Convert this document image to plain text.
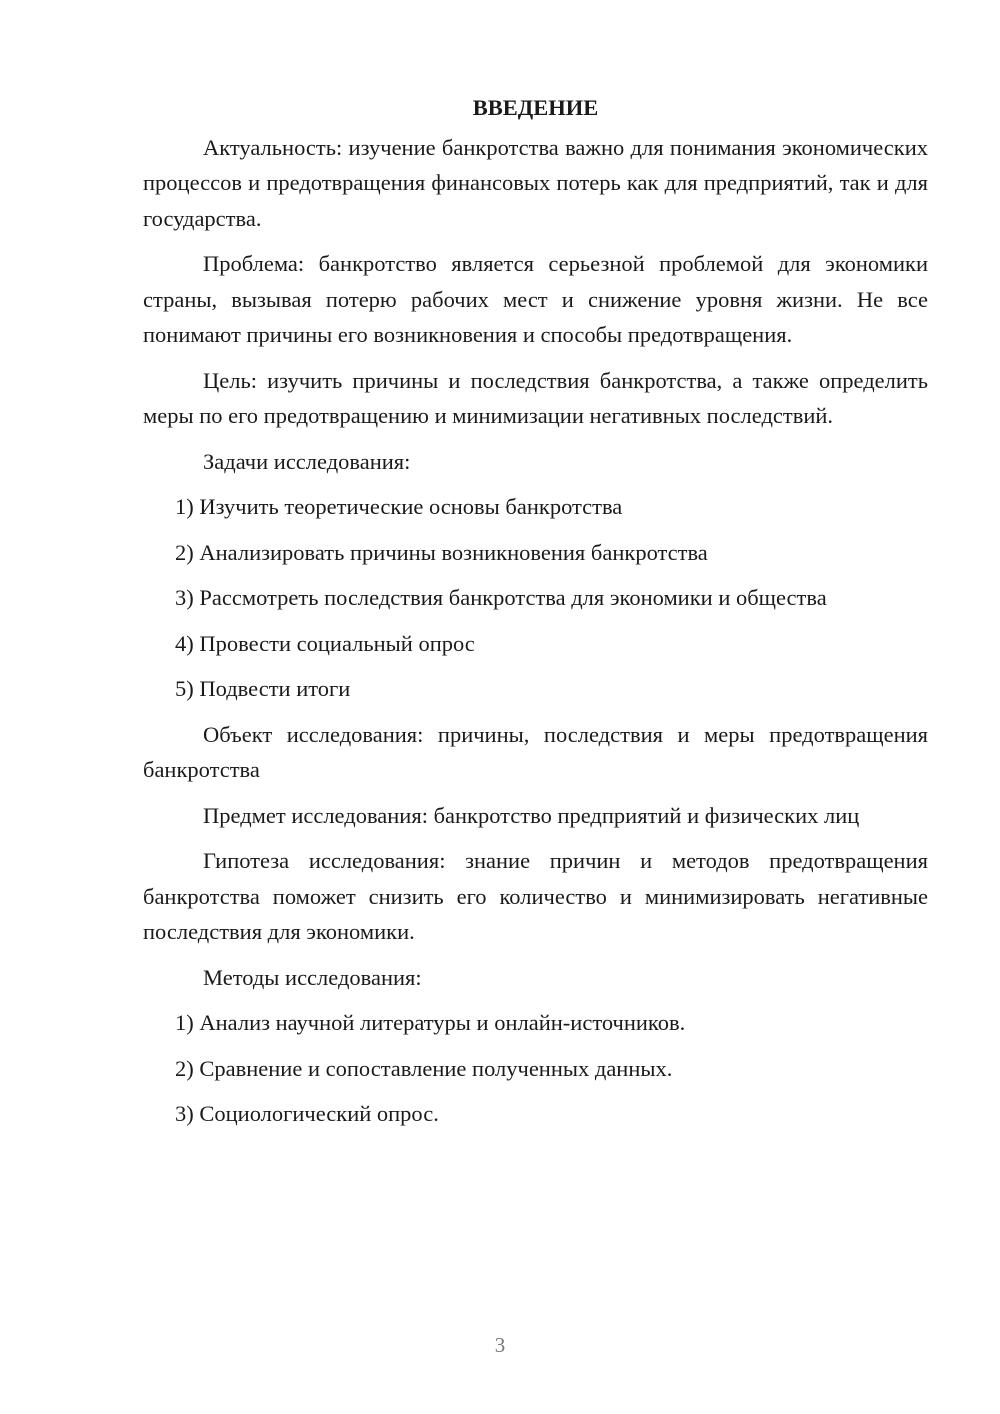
ВВЕДЕНИЕ
Актуальность: изучение банкротства важно для понимания экономических процессов и предотвращения финансовых потерь как для предприятий, так и для государства.
Проблема: банкротство является серьезной проблемой для экономики страны, вызывая потерю рабочих мест и снижение уровня жизни. Не все понимают причины его возникновения и способы предотвращения.
Цель: изучить причины и последствия банкротства, а также определить меры по его предотвращению и минимизации негативных последствий.
Задачи исследования:
1) Изучить теоретические основы банкротства
2) Анализировать причины возникновения банкротства
3) Рассмотреть последствия банкротства для экономики и общества
4) Провести социальный опрос
5) Подвести итоги
Объект исследования: причины, последствия и меры предотвращения банкротства
Предмет исследования: банкротство предприятий и физических лиц
Гипотеза исследования: знание причин и методов предотвращения банкротства поможет снизить его количество и минимизировать негативные последствия для экономики.
Методы исследования:
1) Анализ научной литературы и онлайн-источников.
2) Сравнение и сопоставление полученных данных.
3) Социологический опрос.
3
